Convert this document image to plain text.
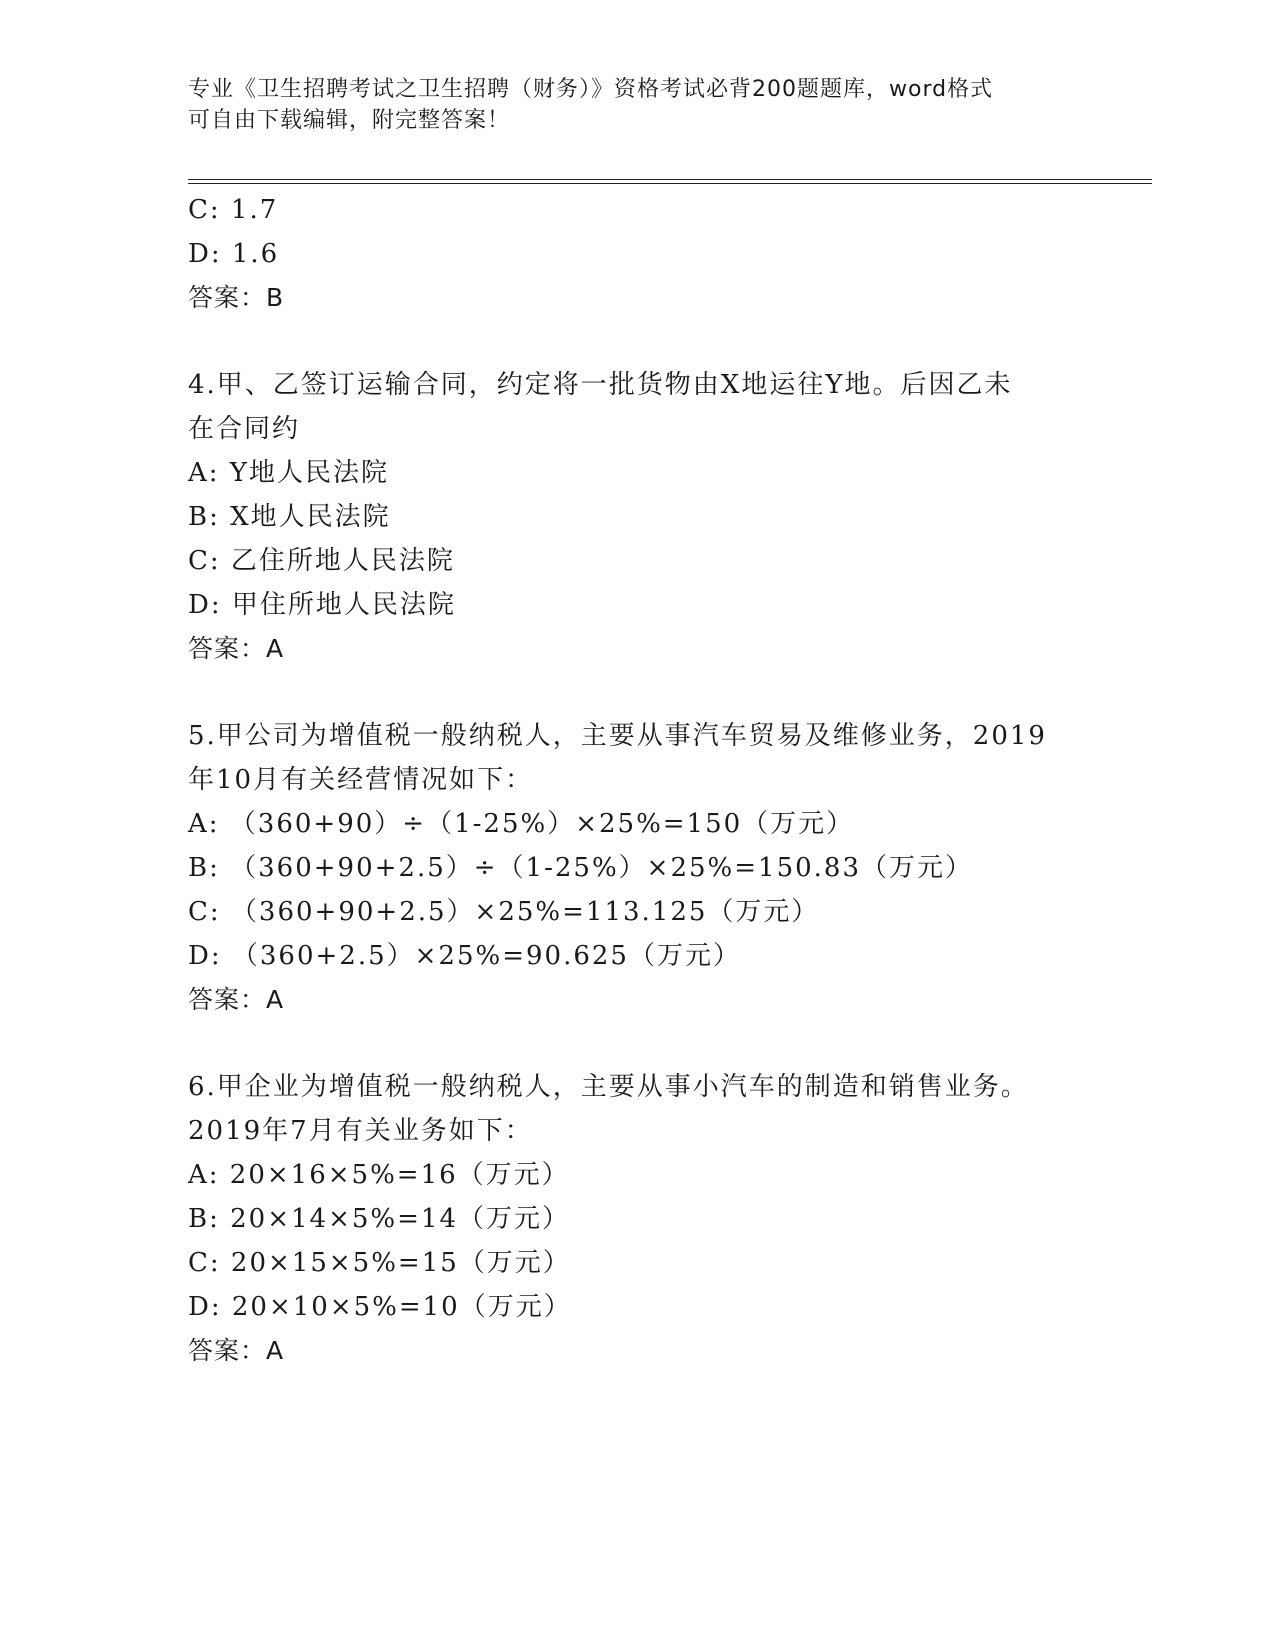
专业《卫生招聘考试之卫生招聘（财务）》资格考试必背200题题库，word格式
可自由下载编辑，附完整答案！
C: 1.7
D: 1.6
答案：B
4.甲、乙签订运输合同，约定将一批货物由X地运往Y地。后因乙未
在合同约
A: Y地人民法院
B: X地人民法院
C: 乙住所地人民法院
D: 甲住所地人民法院
答案：A
5.甲公司为增值税一般纳税人，主要从事汽车贸易及维修业务，2019
年10月有关经营情况如下：
A: （360+90）÷（1-25%）×25%=150（万元）
B: （360+90+2.5）÷（1-25%）×25%=150.83（万元）
C: （360+90+2.5）×25%=113.125（万元）
D: （360+2.5）×25%=90.625（万元）
答案：A
6.甲企业为增值税一般纳税人，主要从事小汽车的制造和销售业务。
2019年7月有关业务如下：
A: 20×16×5%=16（万元）
B: 20×14×5%=14（万元）
C: 20×15×5%=15（万元）
D: 20×10×5%=10（万元）
答案：A
